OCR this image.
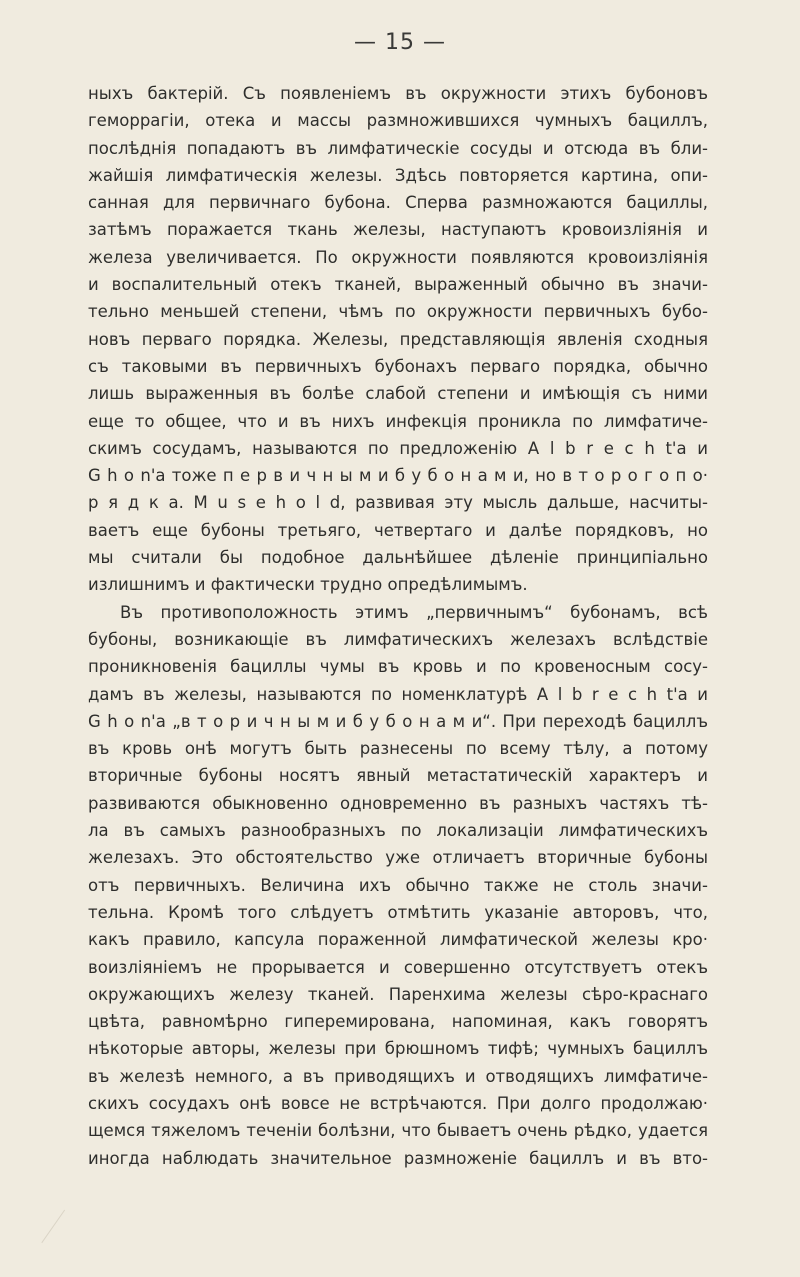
— 15 —
ныхъ бактерій. Съ появленіемъ въ окружности этихъ бубоновъ
геморрагіи, отека и массы размножившихся чумныхъ бациллъ,
послѣднія попадаютъ въ лимфатическіе сосуды и отсюда въ бли-
жайшія лимфатическія железы. Здѣсь повторяется картина, опи-
санная для первичнаго бубона. Сперва размножаются бациллы,
затѣмъ поражается ткань железы, наступаютъ кровоизліянія и
железа увеличивается. По окружности появляются кровоизліянія
и воспалительный отекъ тканей, выраженный обычно въ значи-
тельно меньшей степени, чѣмъ по окружности первичныхъ бубо-
новъ перваго порядка. Железы, представляющія явленія сходныя
съ таковыми въ первичныхъ бубонахъ перваго порядка, обычно
лишь выраженныя въ болѣе слабой степени и имѣющія съ ними
еще то общее, что и въ нихъ инфекція проникла по лимфатиче-
скимъ сосудамъ, называются по предложенію A l b r e c h t'a и
G h o n'a тоже п е р в и ч н ы м и б у б о н а м и, но в т о р о г о п о·
р я д к а. M u s e h o l d, развивая эту мысль дальше, насчиты-
ваетъ еще бубоны третьяго, четвертаго и далѣе порядковъ, но
мы считали бы подобное дальнѣйшее дѣленіе принципіально
излишнимъ и фактически трудно опредѣлимымъ.
Въ противоположность этимъ „первичнымъ“ бубонамъ, всѣ
бубоны, возникающіе въ лимфатическихъ железахъ вслѣдствіе
проникновенія бациллы чумы въ кровь и по кровеносным сосу-
дамъ въ железы, называются по номенклатурѣ A l b r e c h t'a и
G h o n'a „в т о р и ч н ы м и б у б о н а м и“. При переходѣ бациллъ
въ кровь онѣ могутъ быть разнесены по всему тѣлу, а потому
вторичные бубоны носятъ явный метастатическій характеръ и
развиваются обыкновенно одновременно въ разныхъ частяхъ тѣ-
ла въ самыхъ разнообразныхъ по локализаціи лимфатическихъ
железахъ. Это обстоятельство уже отличаетъ вторичные бубоны
отъ первичныхъ. Величина ихъ обычно также не столь значи-
тельна. Кромѣ того слѣдуетъ отмѣтить указаніе авторовъ, что,
какъ правило, капсула пораженной лимфатической железы кро·
воизліяніемъ не прорывается и совершенно отсутствуетъ отекъ
окружающихъ железу тканей. Паренхима железы сѣро-краснаго
цвѣта, равномѣрно гиперемирована, напоминая, какъ говорятъ
нѣкоторые авторы, железы при брюшномъ тифѣ; чумныхъ бациллъ
въ железѣ немного, а въ приводящихъ и отводящихъ лимфатиче-
скихъ сосудахъ онѣ вовсе не встрѣчаются. При долго продолжаю·
щемся тяжеломъ теченіи болѣзни, что бываетъ очень рѣдко, удается
иногда наблюдать значительное размноженіе бациллъ и въ вто-
